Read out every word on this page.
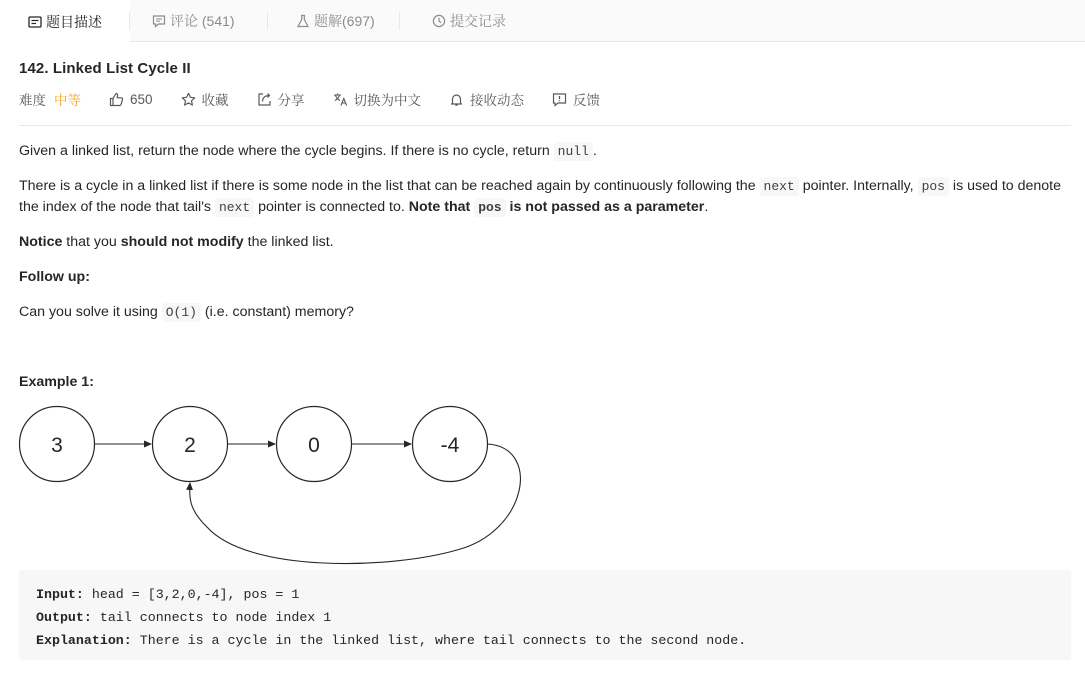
题目描述	评论 (541)	题解(697)	提交记录
142. Linked List Cycle II
难度 中等	650	收藏	分享	切换为中文	接收动态	反馈

Given a linked list, return the node where the cycle begins. If there is no cycle, return null .

There is a cycle in a linked list if there is some node in the list that can be reached again by continuously following the next pointer. Internally, pos is used to denote the index of the node that tail's next pointer is connected to. Note that pos is not passed as a parameter.

Notice that you should not modify the linked list.

Follow up:

Can you solve it using O(1) (i.e. constant) memory?

Example 1:
3	2	0	-4
Input: head = [3,2,0,-4], pos = 1
Output: tail connects to node index 1
Explanation: There is a cycle in the linked list, where tail connects to the second node.
